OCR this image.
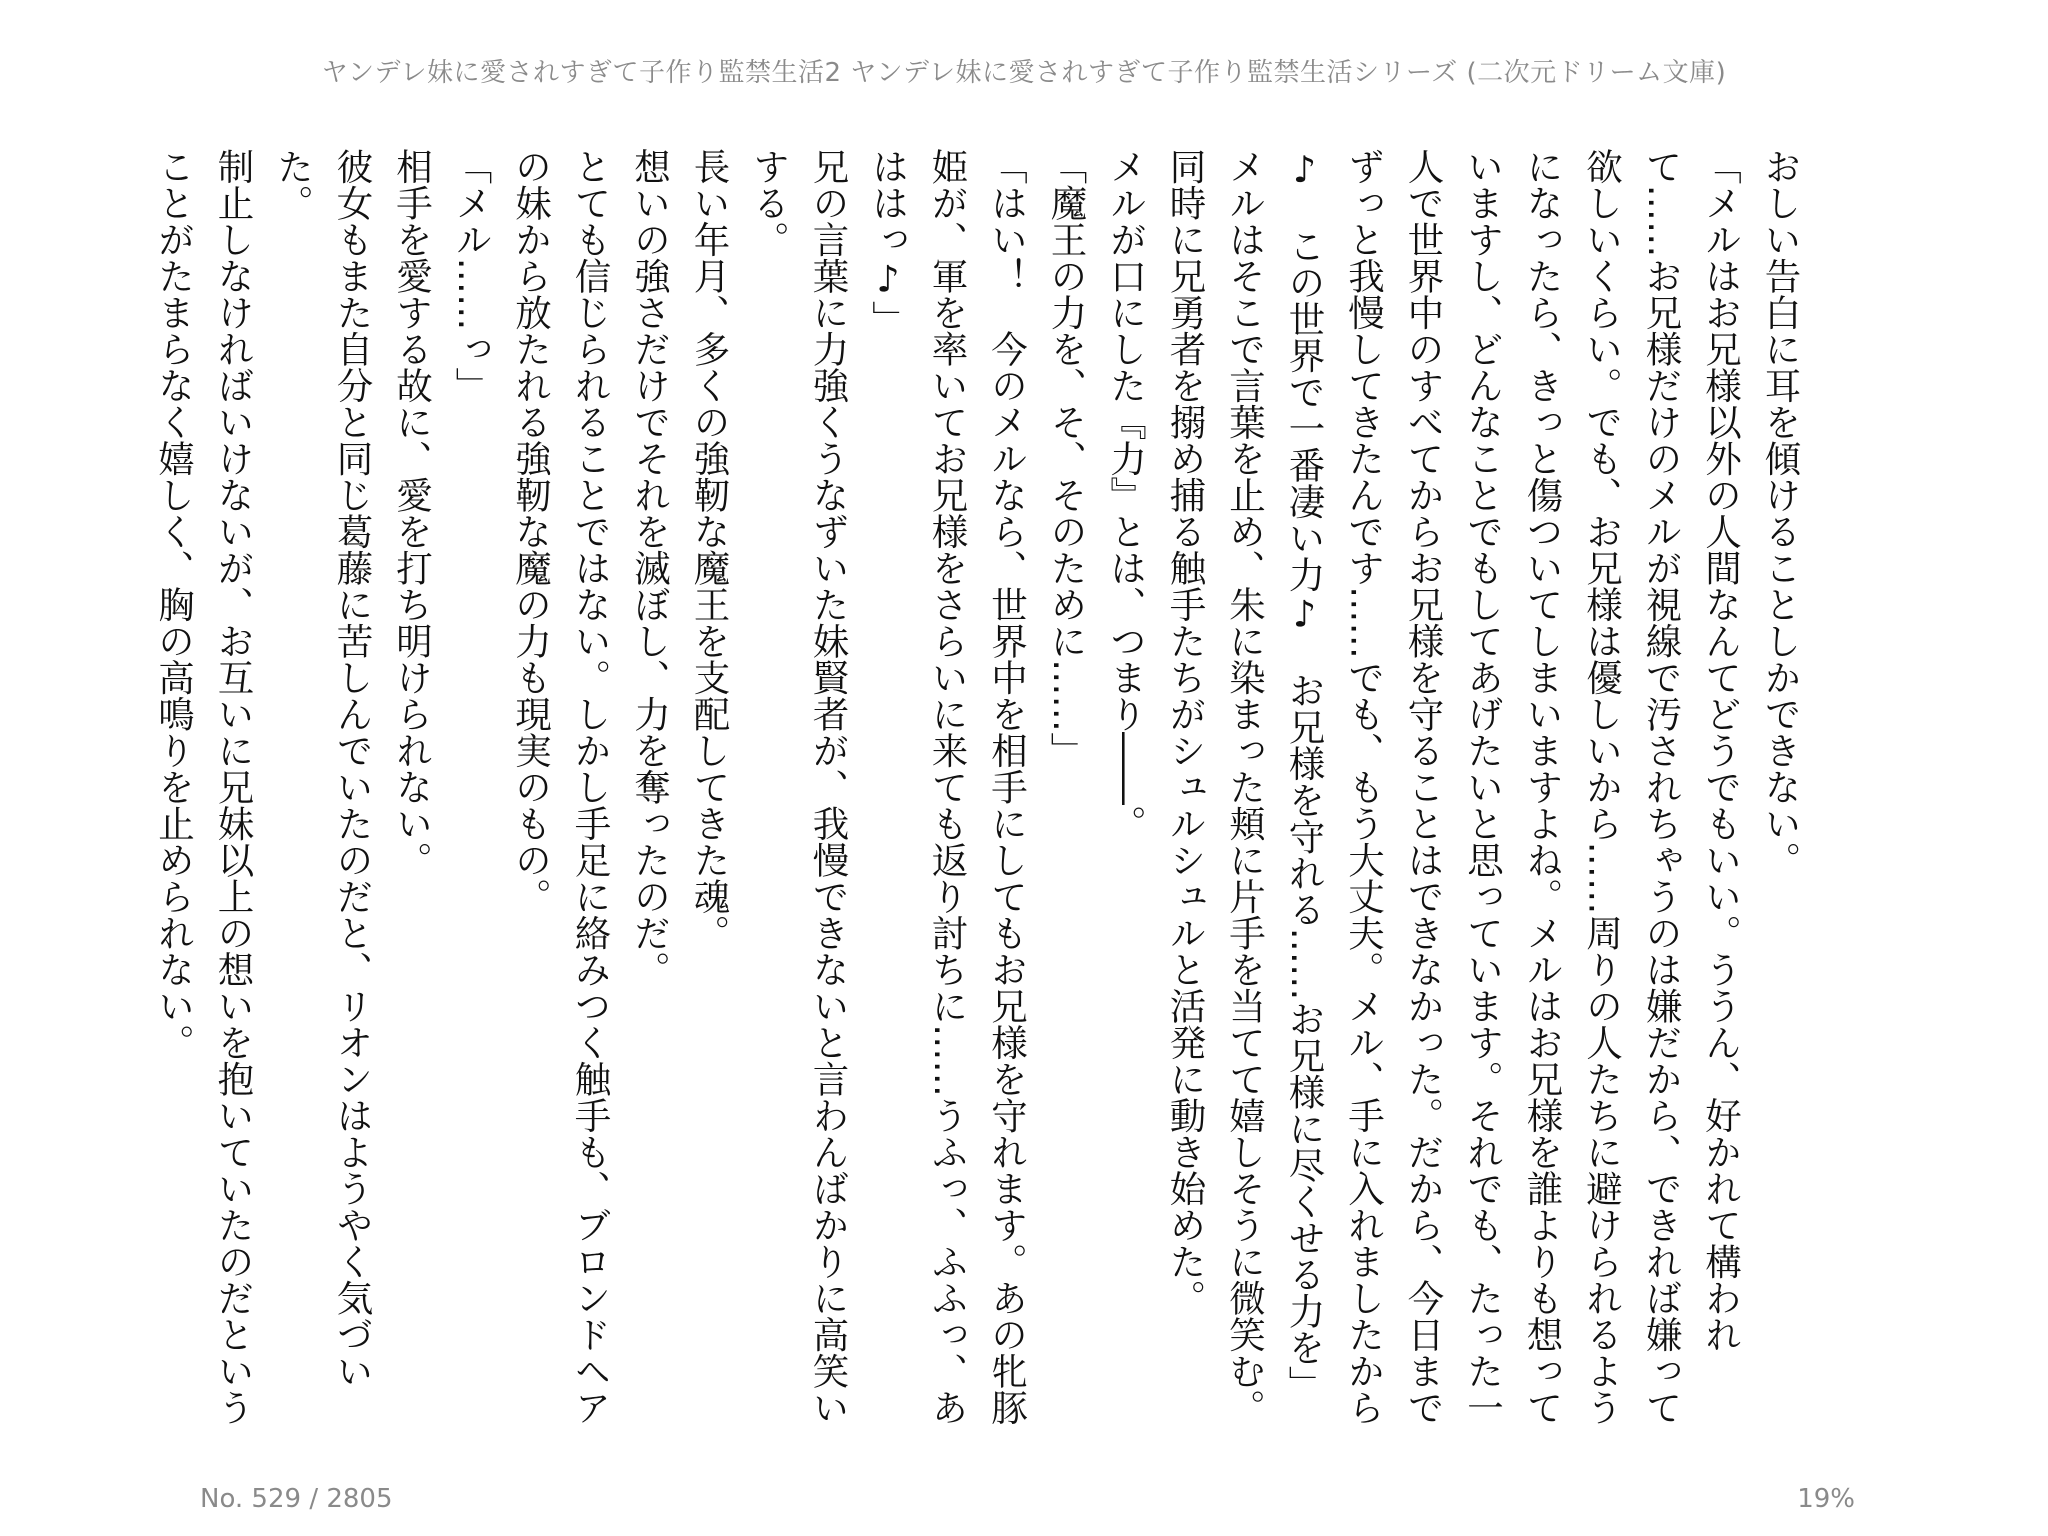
ヤンデレ妹に愛されすぎて子作り監禁生活2 ヤンデレ妹に愛されすぎて子作り監禁生活シリーズ (二次元ドリーム文庫)

おしい告白に耳を傾けることしかできない。

「メルはお兄様以外の人間なんてどうでもいい。ううん、好かれて構われて……お兄様だけのメルが視線で汚されちゃうのは嫌だから、できれば嫌って欲しいくらい。でも、お兄様は優しいから……周りの人たちに避けられるようになったら、きっと傷ついてしまいますよね。メルはお兄様を誰よりも想っていますし、どんなことでもしてあげたいと思っています。それでも、たった一人で世界中のすべてからお兄様を守ることはできなかった。だから、今日までずっと我慢してきたんです……でも、もう大丈夫。メル、手に入れましたから♪　この世界で一番凄い力♪　お兄様を守れる……お兄様に尽くせる力を」

メルはそこで言葉を止め、朱に染まった頬に片手を当てて嬉しそうに微笑む。

同時に兄勇者を搦め捕る触手たちがシュルシュルと活発に動き始めた。

メルが口にした『力』とは、つまり――。

「魔王の力を、そ、そのために……」

「はい！　今のメルなら、世界中を相手にしてもお兄様を守れます。あの牝豚姫が、軍を率いてお兄様をさらいに来ても返り討ちに……うふっ、ふふっ、あははっ♪」

兄の言葉に力強くうなずいた妹賢者が、我慢できないと言わんばかりに高笑いする。

長い年月、多くの強靭な魔王を支配してきた魂。

想いの強さだけでそれを滅ぼし、力を奪ったのだ。

とても信じられることではない。しかし手足に絡みつく触手も、ブロンドヘアの妹から放たれる強靭な魔の力も現実のもの。

「メル……っ」

相手を愛する故に、愛を打ち明けられない。

彼女もまた自分と同じ葛藤に苦しんでいたのだと、リオンはようやく気づいた。

制止しなければいけないが、お互いに兄妹以上の想いを抱いていたのだということがたまらなく嬉しく、胸の高鳴りを止められない。

No. 529 / 2805	19%
